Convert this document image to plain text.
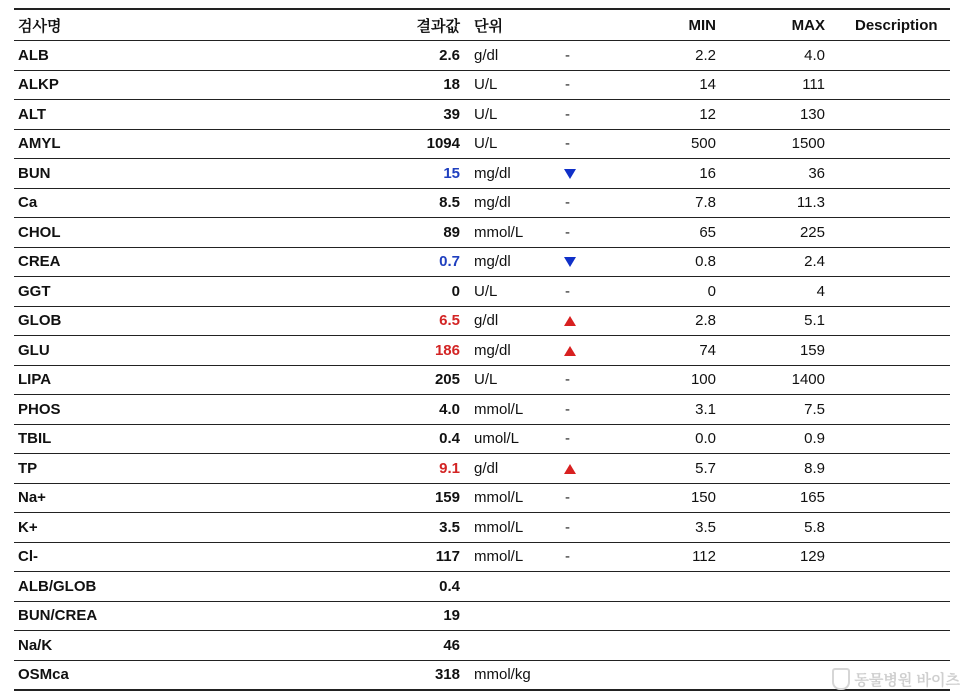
검사명	결과값	단위		MIN	MAX	Description
ALB	2.6	g/dl	-	2.2	4.0	
ALKP	18	U/L	-	14	111	
ALT	39	U/L	-	12	130	
AMYL	1094	U/L	-	500	1500	
BUN	15	mg/dl		16	36	
Ca	8.5	mg/dl	-	7.8	11.3	
CHOL	89	mmol/L	-	65	225	
CREA	0.7	mg/dl		0.8	2.4	
GGT	0	U/L	-	0	4	
GLOB	6.5	g/dl		2.8	5.1	
GLU	186	mg/dl		74	159	
LIPA	205	U/L	-	100	1400	
PHOS	4.0	mmol/L	-	3.1	7.5	
TBIL	0.4	umol/L	-	0.0	0.9	
TP	9.1	g/dl		5.7	8.9	
Na+	159	mmol/L	-	150	165	
K+	3.5	mmol/L	-	3.5	5.8	
Cl-	117	mmol/L	-	112	129	
ALB/GLOB	0.4					
BUN/CREA	19					
Na/K	46					
OSMca	318	mmol/kg					동물병원 바이츠
